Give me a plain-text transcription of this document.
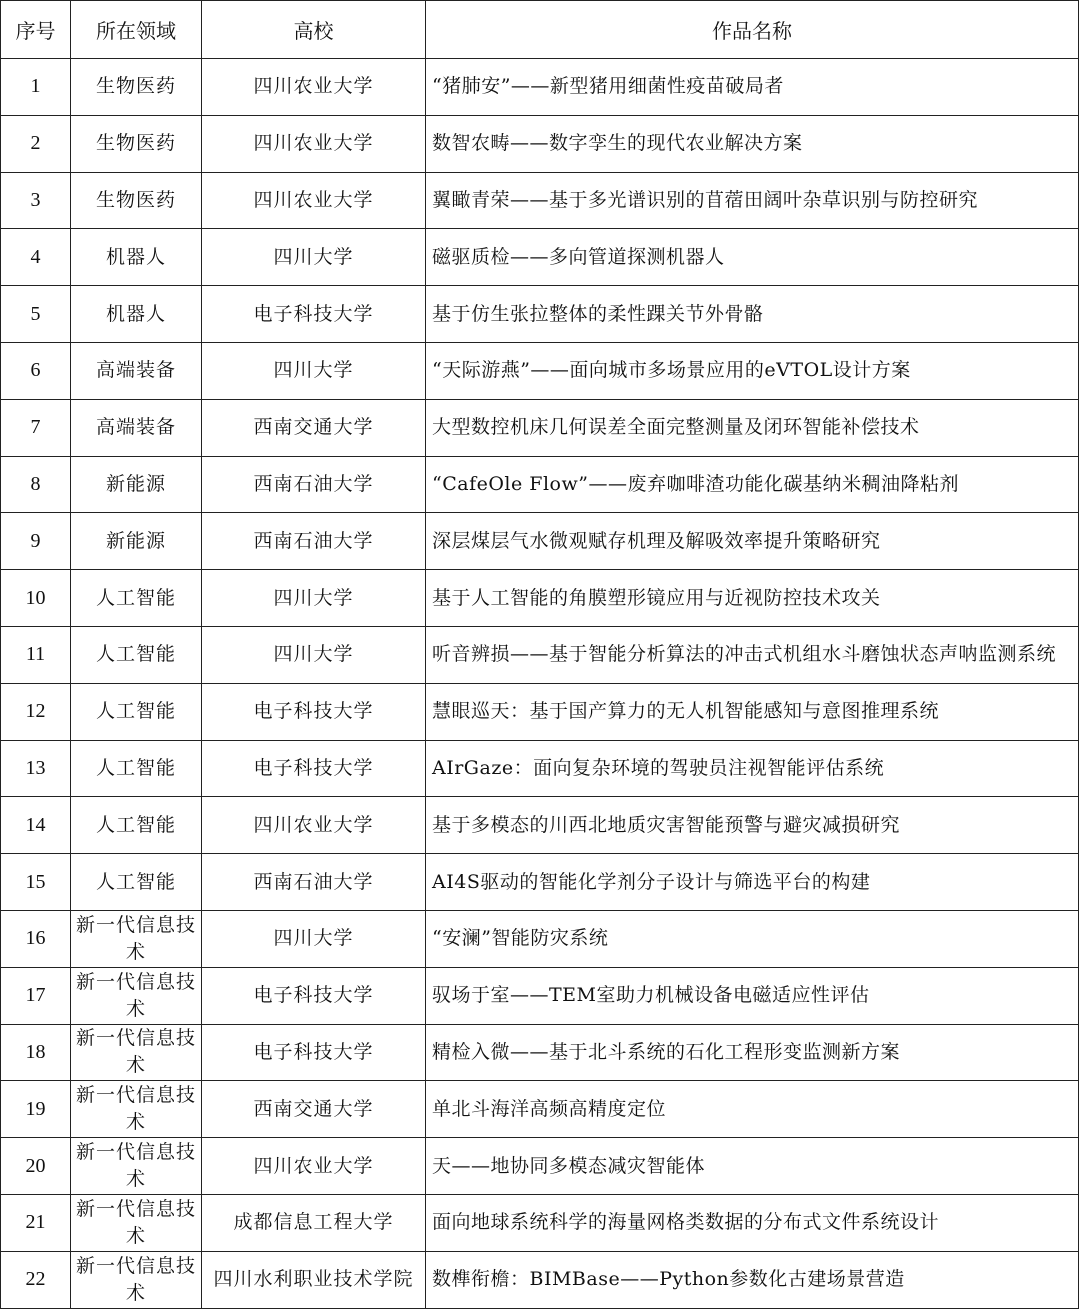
序号	所在领域	高校	作品名称
1	生物医药	四川农业大学	“猪肺安”——新型猪用细菌性疫苗破局者
2	生物医药	四川农业大学	数智农畴——数字孪生的现代农业解决方案
3	生物医药	四川农业大学	翼瞰青荣——基于多光谱识别的苜蓿田阔叶杂草识别与防控研究
4	机器人	四川大学	磁驱质检——多向管道探测机器人
5	机器人	电子科技大学	基于仿生张拉整体的柔性踝关节外骨骼
6	高端装备	四川大学	“天际游燕”——面向城市多场景应用的eVTOL设计方案
7	高端装备	西南交通大学	大型数控机床几何误差全面完整测量及闭环智能补偿技术
8	新能源	西南石油大学	“CafeOle Flow”——废弃咖啡渣功能化碳基纳米稠油降粘剂
9	新能源	西南石油大学	深层煤层气水微观赋存机理及解吸效率提升策略研究
10	人工智能	四川大学	基于人工智能的角膜塑形镜应用与近视防控技术攻关
11	人工智能	四川大学	听音辨损——基于智能分析算法的冲击式机组水斗磨蚀状态声呐监测系统
12	人工智能	电子科技大学	慧眼巡天：基于国产算力的无人机智能感知与意图推理系统
13	人工智能	电子科技大学	AIrGaze：面向复杂环境的驾驶员注视智能评估系统
14	人工智能	四川农业大学	基于多模态的川西北地质灾害智能预警与避灾减损研究
15	人工智能	西南石油大学	AI4S驱动的智能化学剂分子设计与筛选平台的构建
16	新一代信息技术	四川大学	“安澜”智能防灾系统
17	新一代信息技术	电子科技大学	驭场于室——TEM室助力机械设备电磁适应性评估
18	新一代信息技术	电子科技大学	精检入微——基于北斗系统的石化工程形变监测新方案
19	新一代信息技术	西南交通大学	单北斗海洋高频高精度定位
20	新一代信息技术	四川农业大学	天——地协同多模态减灾智能体
21	新一代信息技术	成都信息工程大学	面向地球系统科学的海量网格类数据的分布式文件系统设计
22	新一代信息技术	四川水利职业技术学院	数榫衔檐：BIMBase——Python参数化古建场景营造
